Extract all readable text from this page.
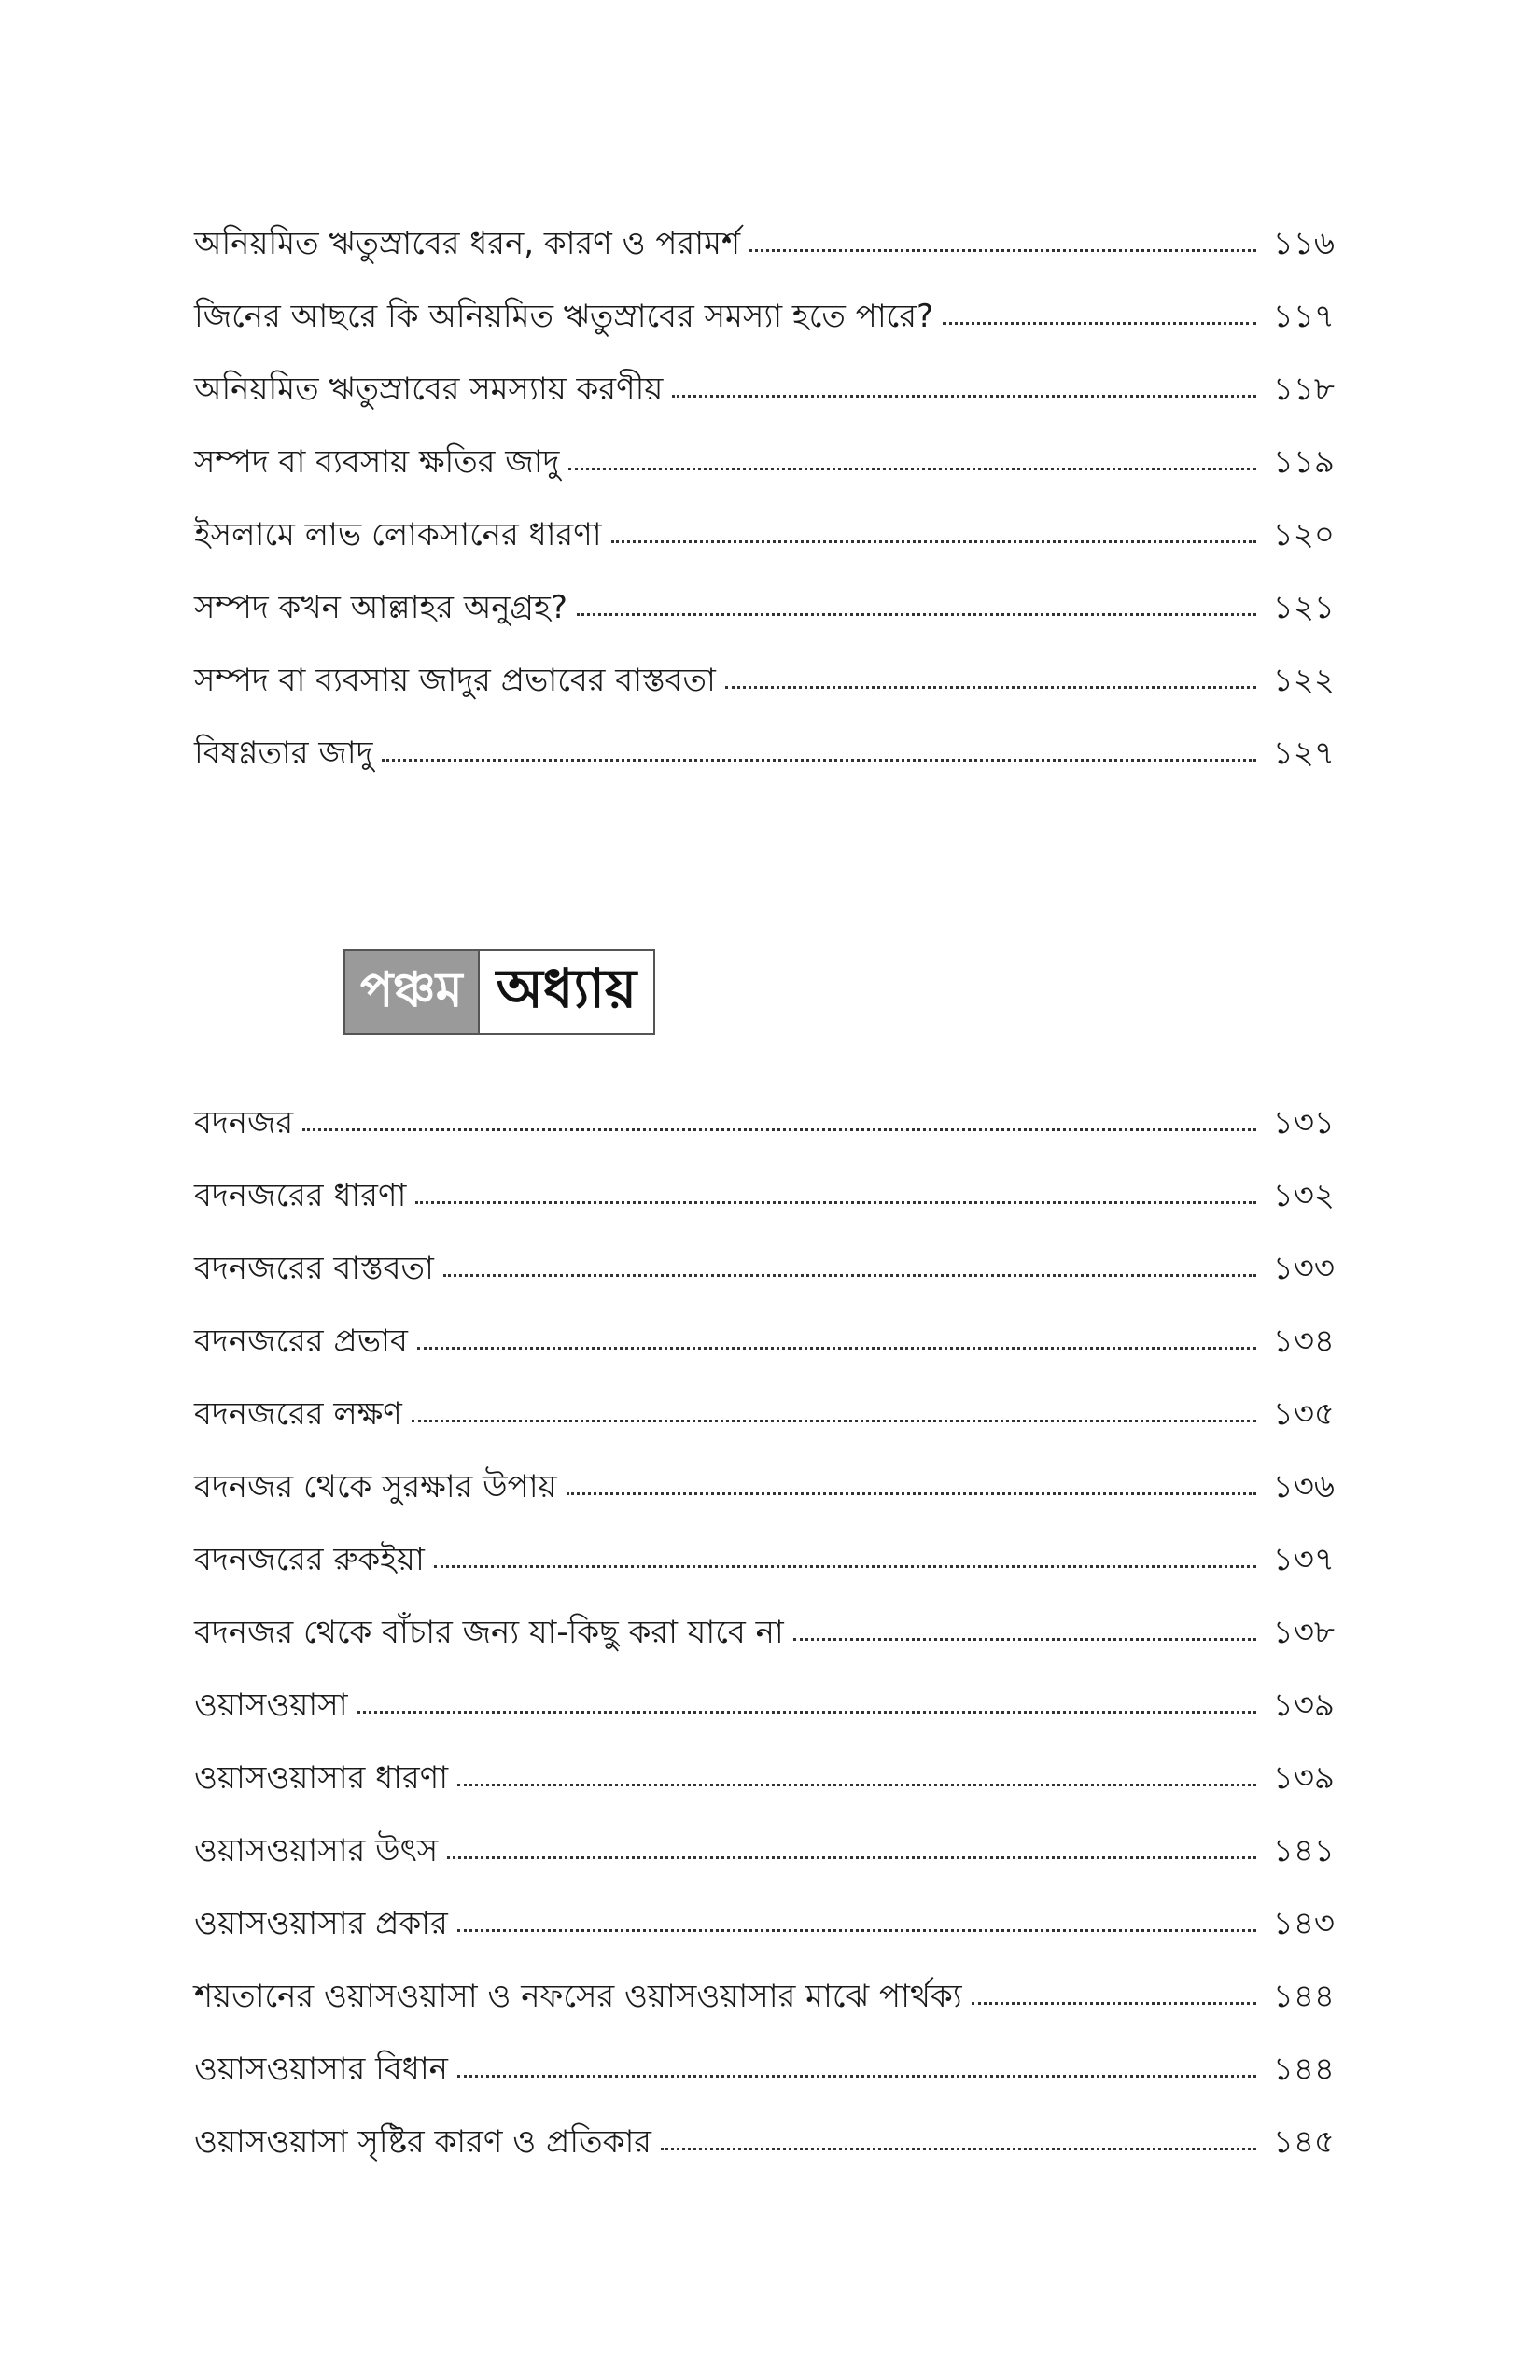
অনিয়মিত ঋতুস্রাবের ধরন, কারণ ও পরামর্শ	১১৬
জিনের আছরে কি অনিয়মিত ঋতুস্রাবের সমস্যা হতে পারে?	১১৭
অনিয়মিত ঋতুস্রাবের সমস্যায় করণীয়	১১৮
সম্পদ বা ব্যবসায় ক্ষতির জাদু	১১৯
ইসলামে লাভ লোকসানের ধারণা	১২০
সম্পদ কখন আল্লাহর অনুগ্রহ?	১২১
সম্পদ বা ব্যবসায় জাদুর প্রভাবের বাস্তবতা	১২২
বিষণ্ণতার জাদু	১২৭
পঞ্চম অধ্যায়
বদনজর	১৩১
বদনজরের ধারণা	১৩২
বদনজরের বাস্তবতা	১৩৩
বদনজরের প্রভাব	১৩৪
বদনজরের লক্ষণ	১৩৫
বদনজর থেকে সুরক্ষার উপায়	১৩৬
বদনজরের রুকইয়া	১৩৭
বদনজর থেকে বাঁচার জন্য যা-কিছু করা যাবে না	১৩৮
ওয়াসওয়াসা	১৩৯
ওয়াসওয়াসার ধারণা	১৩৯
ওয়াসওয়াসার উৎস	১৪১
ওয়াসওয়াসার প্রকার	১৪৩
শয়তানের ওয়াসওয়াসা ও নফসের ওয়াসওয়াসার মাঝে পার্থক্য	১৪৪
ওয়াসওয়াসার বিধান	১৪৪
ওয়াসওয়াসা সৃষ্টির কারণ ও প্রতিকার	১৪৫
